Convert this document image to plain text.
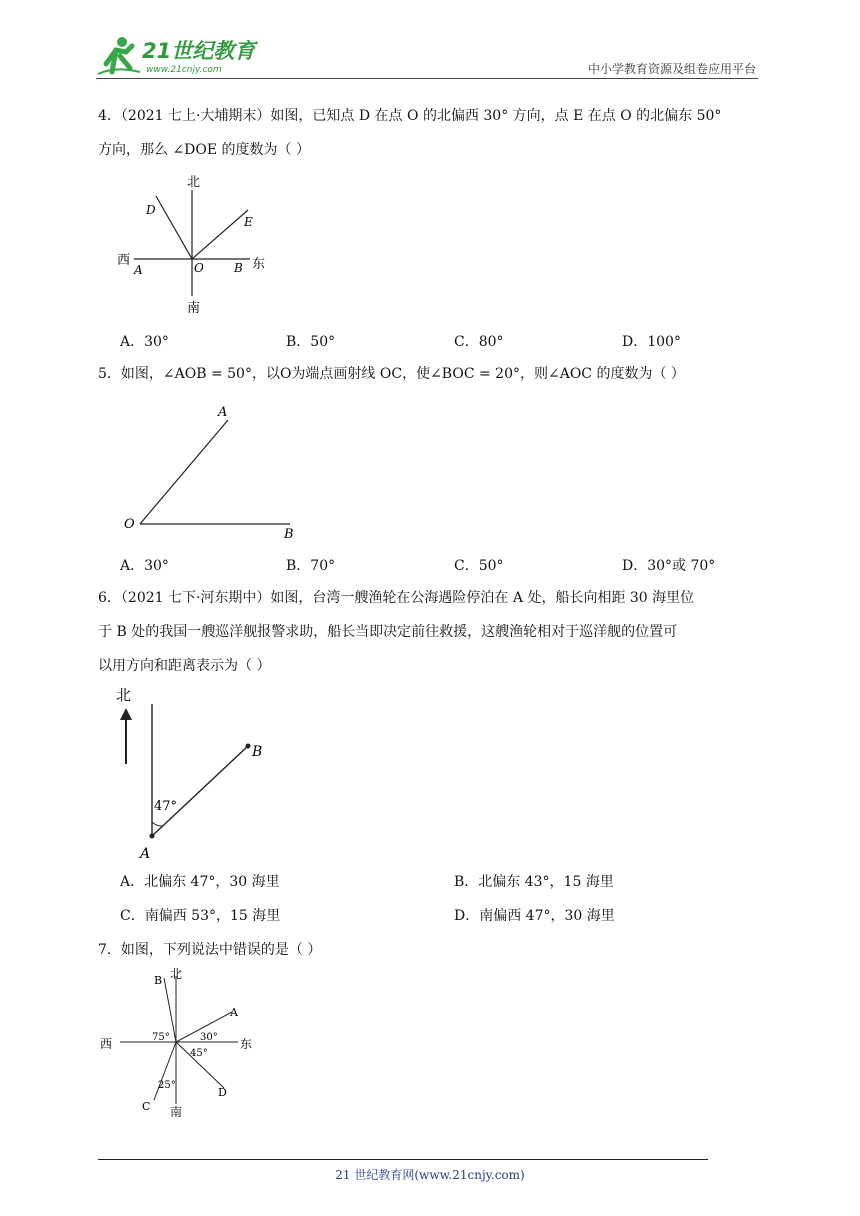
21世纪教育
www.21cnjy.com	中小学教育资源及组卷应用平台
4．（2021 七上·大埔期末）如图，已知点 D 在点 O 的北偏西 30° 方向，点 E 在点 O 的北偏东 50°
方向，那么 ∠DOE 的度数为（ ）
北
南
西	东
A	B
O
D
E
A．30°	B．50°	C．80°	D．100°
5．如图，∠AOB = 50°，以O为端点画射线 OC，使∠BOC = 20°，则∠AOC 的度数为（ ）
A
O
B
A．30°	B．70°	C．50°	D．30°或 70°
6．（2021 七下·河东期中）如图，台湾一艘渔轮在公海遇险停泊在 A 处，船长向相距 30 海里位
于 B 处的我国一艘巡洋舰报警求助，船长当即决定前往救援，这艘渔轮相对于巡洋舰的位置可
以用方向和距离表示为（ ）
北
47°
A
B
A．北偏东 47°，30 海里	B．北偏东 43°，15 海里
C．南偏西 53°，15 海里	D．南偏西 47°，30 海里
7．如图，下列说法中错误的是（ ）
北
南
西	东
B
A
D
C
75°	30°
45°
25°
21 世纪教育网(www.21cnjy.com)
